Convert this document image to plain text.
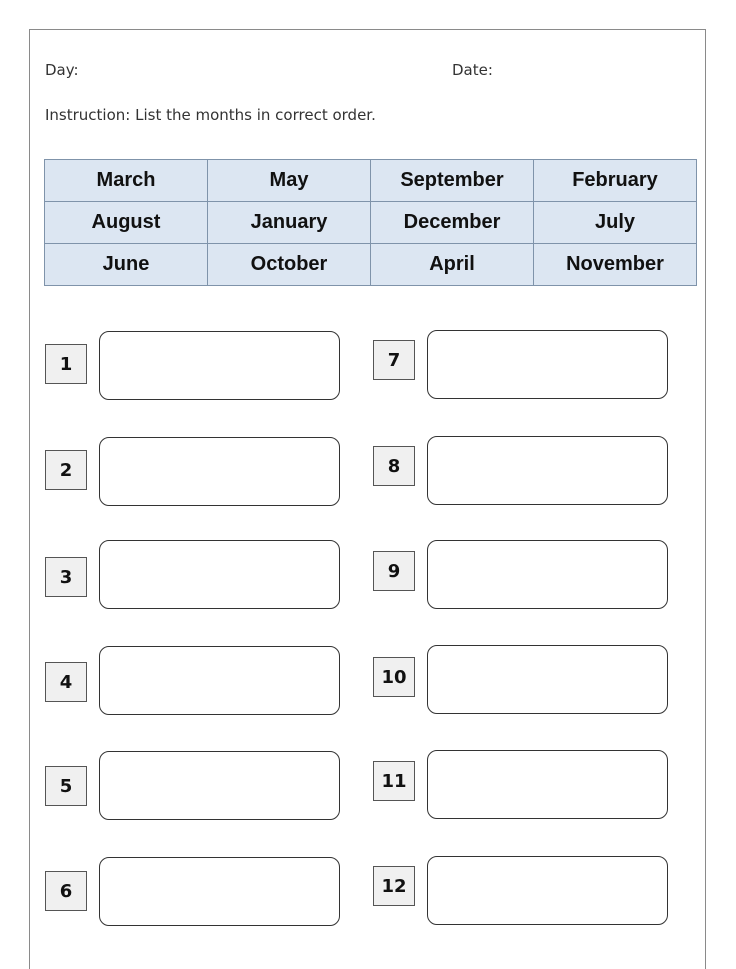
Day:	Date:
Instruction: List the months in correct order.
March	May	September	February
August	January	December	July
June	October	April	November
1
2
3
4
5
6
7
8
9
10
11
12
